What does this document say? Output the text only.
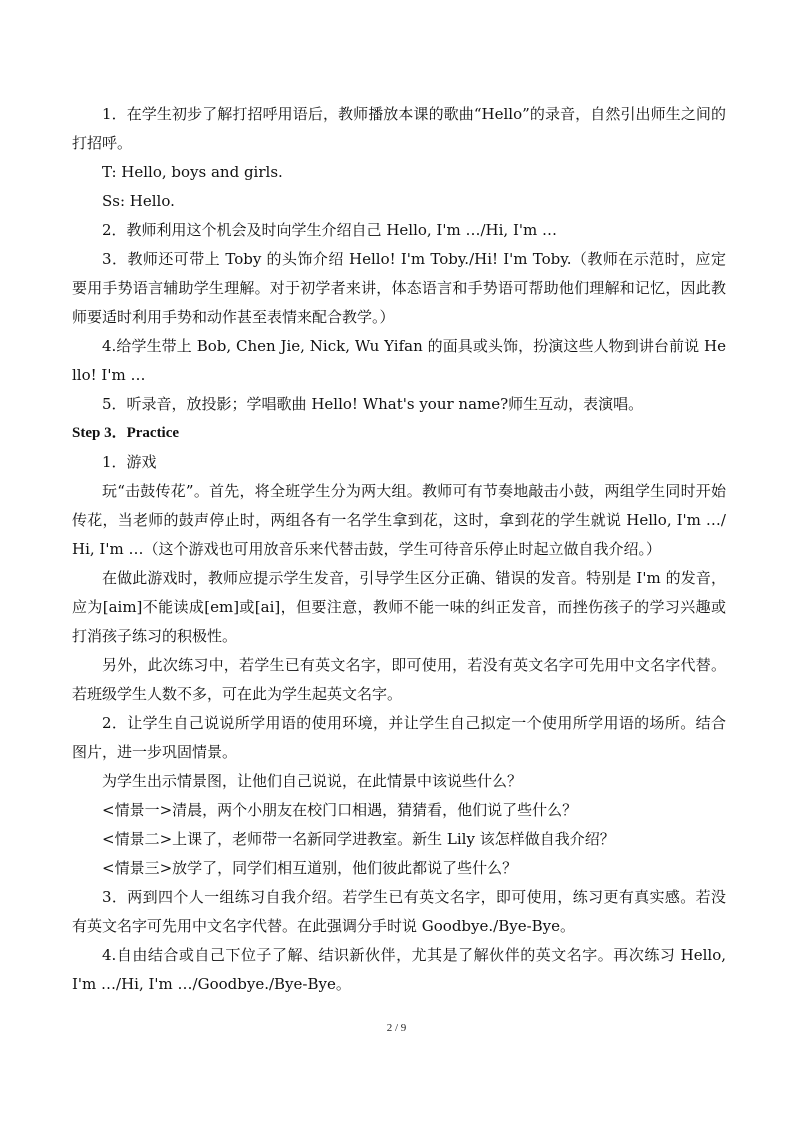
1．在学生初步了解打招呼用语后，教师播放本课的歌曲“Hello”的录音，自然引出师生之间的打招呼。

T: Hello, boys and girls.

Ss: Hello.

2．教师利用这个机会及时向学生介绍自己 Hello, I'm …/Hi, I'm …

3．教师还可带上 Toby 的头饰介绍 Hello! I'm Toby./Hi! I'm Toby.（教师在示范时，应定要用手势语言辅助学生理解。对于初学者来讲，体态语言和手势语可帮助他们理解和记忆，因此教师要适时利用手势和动作甚至表情来配合教学。）

4.给学生带上 Bob, Chen Jie, Nick, Wu Yifan 的面具或头饰，扮演这些人物到讲台前说 Hello! I'm …

5．听录音，放投影；学唱歌曲 Hello! What's your name?师生互动，表演唱。

Step 3．Practice

1．游戏

玩“击鼓传花”。首先，将全班学生分为两大组。教师可有节奏地敲击小鼓，两组学生同时开始传花，当老师的鼓声停止时，两组各有一名学生拿到花，这时，拿到花的学生就说 Hello, I'm …/Hi, I'm …（这个游戏也可用放音乐来代替击鼓，学生可待音乐停止时起立做自我介绍。）

在做此游戏时，教师应提示学生发音，引导学生区分正确、错误的发音。特别是 I'm 的发音，应为[aim]不能读成[em]或[ai]，但要注意，教师不能一味的纠正发音，而挫伤孩子的学习兴趣或打消孩子练习的积极性。

另外，此次练习中，若学生已有英文名字，即可使用，若没有英文名字可先用中文名字代替。若班级学生人数不多，可在此为学生起英文名字。

2．让学生自己说说所学用语的使用环境，并让学生自己拟定一个使用所学用语的场所。结合图片，进一步巩固情景。

为学生出示情景图，让他们自己说说，在此情景中该说些什么？

<情景一>清晨，两个小朋友在校门口相遇，猜猜看，他们说了些什么？

<情景二>上课了，老师带一名新同学进教室。新生 Lily 该怎样做自我介绍？

<情景三>放学了，同学们相互道别，他们彼此都说了些什么？

3．两到四个人一组练习自我介绍。若学生已有英文名字，即可使用，练习更有真实感。若没有英文名字可先用中文名字代替。在此强调分手时说 Goodbye./Bye-Bye。

4.自由结合或自己下位子了解、结识新伙伴，尤其是了解伙伴的英文名字。再次练习 Hello, I'm …/Hi, I'm …/Goodbye./Bye-Bye。

2 / 9
